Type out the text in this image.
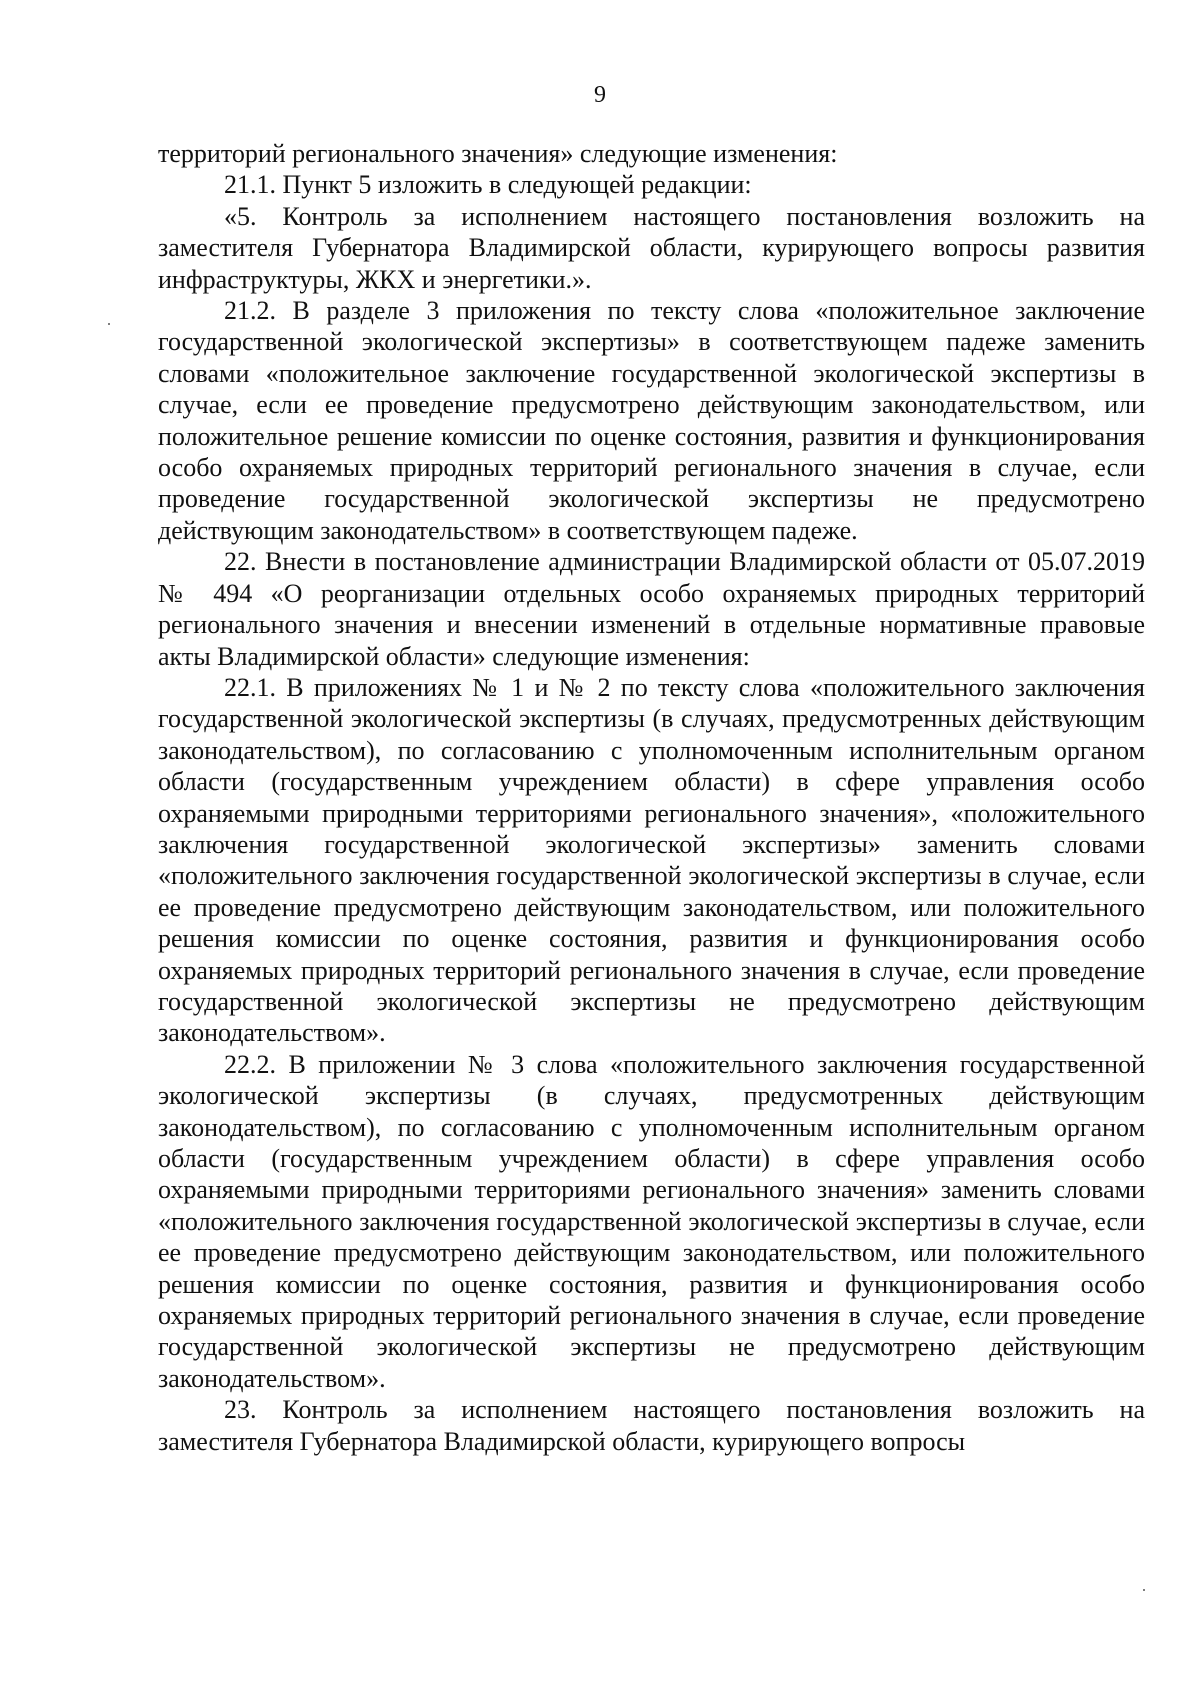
9

территорий регионального значения» следующие изменения:

21.1. Пункт 5 изложить в следующей редакции:

«5. Контроль за исполнением настоящего постановления возложить на заместителя Губернатора Владимирской области, курирующего вопросы развития инфраструктуры, ЖКХ и энергетики.».

21.2. В разделе 3 приложения по тексту слова «положительное заключение государственной экологической экспертизы» в соответствующем падеже заменить словами «положительное заключение государственной экологической экспертизы в случае, если ее проведение предусмотрено действующим законодательством, или положительное решение комиссии по оценке состояния, развития и функционирования особо охраняемых природных территорий регионального значения в случае, если проведение государственной экологической экспертизы не предусмотрено действующим законодательством» в соответствующем падеже.

22. Внести в постановление администрации Владимирской области от 05.07.2019 № 494 «О реорганизации отдельных особо охраняемых природных территорий регионального значения и внесении изменений в отдельные нормативные правовые акты Владимирской области» следующие изменения:

22.1. В приложениях № 1 и № 2 по тексту слова «положительного заключения государственной экологической экспертизы (в случаях, предусмотренных действующим законодательством), по согласованию с уполномоченным исполнительным органом области (государственным учреждением области) в сфере управления особо охраняемыми природными территориями регионального значения», «положительного заключения государственной экологической экспертизы» заменить словами «положительного заключения государственной экологической экспертизы в случае, если ее проведение предусмотрено действующим законодательством, или положительного решения комиссии по оценке состояния, развития и функционирования особо охраняемых природных территорий регионального значения в случае, если проведение государственной экологической экспертизы не предусмотрено действующим законодательством».

22.2. В приложении № 3 слова «положительного заключения государственной экологической экспертизы (в случаях, предусмотренных действующим законодательством), по согласованию с уполномоченным исполнительным органом области (государственным учреждением области) в сфере управления особо охраняемыми природными территориями регионального значения» заменить словами «положительного заключения государственной экологической экспертизы в случае, если ее проведение предусмотрено действующим законодательством, или положительного решения комиссии по оценке состояния, развития и функционирования особо охраняемых природных территорий регионального значения в случае, если проведение государственной экологической экспертизы не предусмотрено действующим законодательством».

23. Контроль за исполнением настоящего постановления возложить на заместителя Губернатора Владимирской области, курирующего вопросы
